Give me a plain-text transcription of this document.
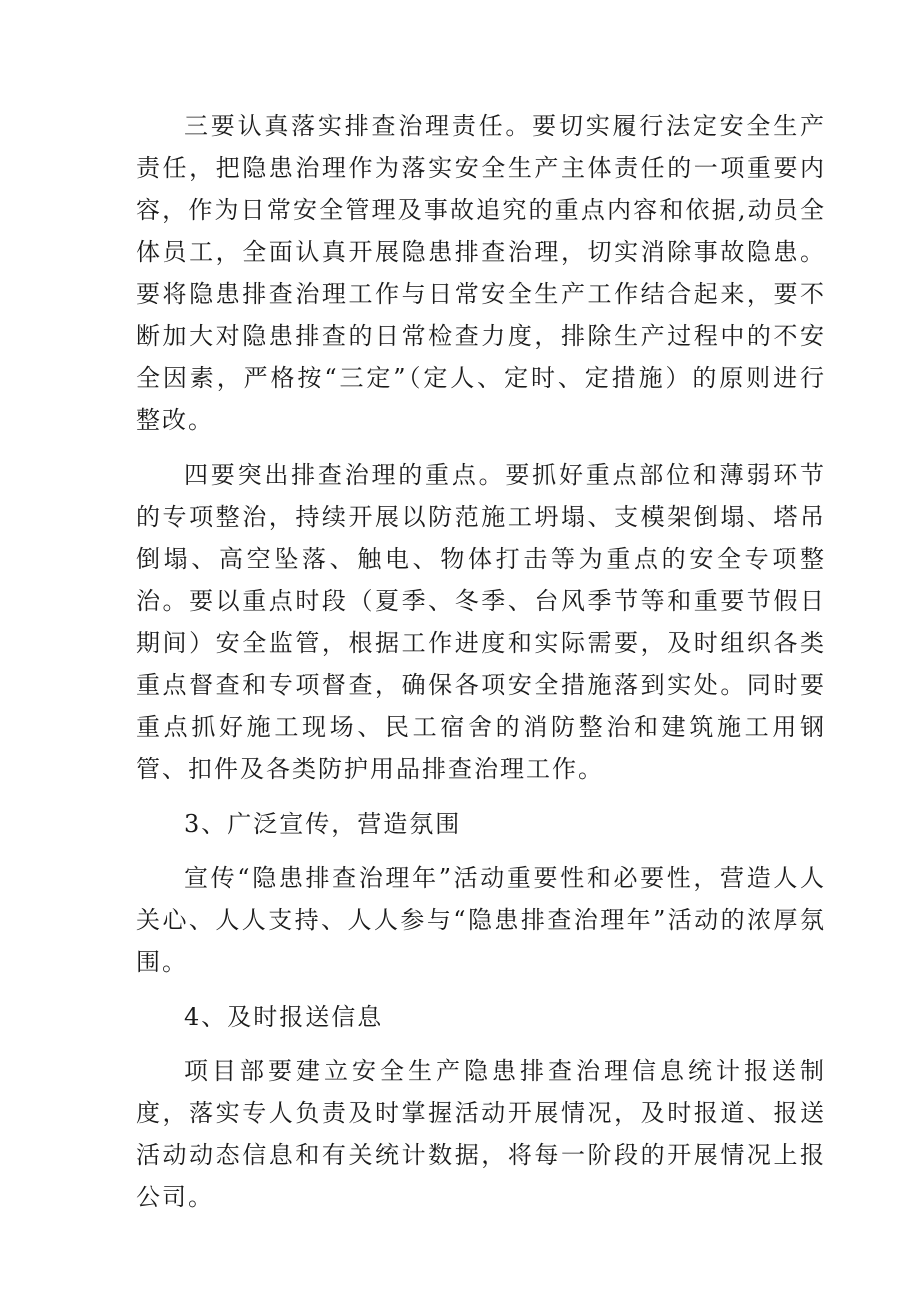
三要认真落实排查治理责任。要切实履行法定安全生产责任，把隐患治理作为落实安全生产主体责任的一项重要内容，作为日常安全管理及事故追究的重点内容和依据,动员全体员工，全面认真开展隐患排查治理，切实消除事故隐患。要将隐患排查治理工作与日常安全生产工作结合起来，要不断加大对隐患排查的日常检查力度，排除生产过程中的不安全因素，严格按“三定”（定人、定时、定措施）的原则进行整改。

四要突出排查治理的重点。要抓好重点部位和薄弱环节的专项整治，持续开展以防范施工坍塌、支模架倒塌、塔吊倒塌、高空坠落、触电、物体打击等为重点的安全专项整治。要以重点时段（夏季、冬季、台风季节等和重要节假日期间）安全监管，根据工作进度和实际需要，及时组织各类重点督查和专项督查，确保各项安全措施落到实处。同时要重点抓好施工现场、民工宿舍的消防整治和建筑施工用钢管、扣件及各类防护用品排查治理工作。

3、广泛宣传，营造氛围

宣传“隐患排查治理年”活动重要性和必要性，营造人人关心、人人支持、人人参与“隐患排查治理年”活动的浓厚氛围。

4、及时报送信息

项目部要建立安全生产隐患排查治理信息统计报送制度，落实专人负责及时掌握活动开展情况，及时报道、报送活动动态信息和有关统计数据，将每一阶段的开展情况上报公司。
